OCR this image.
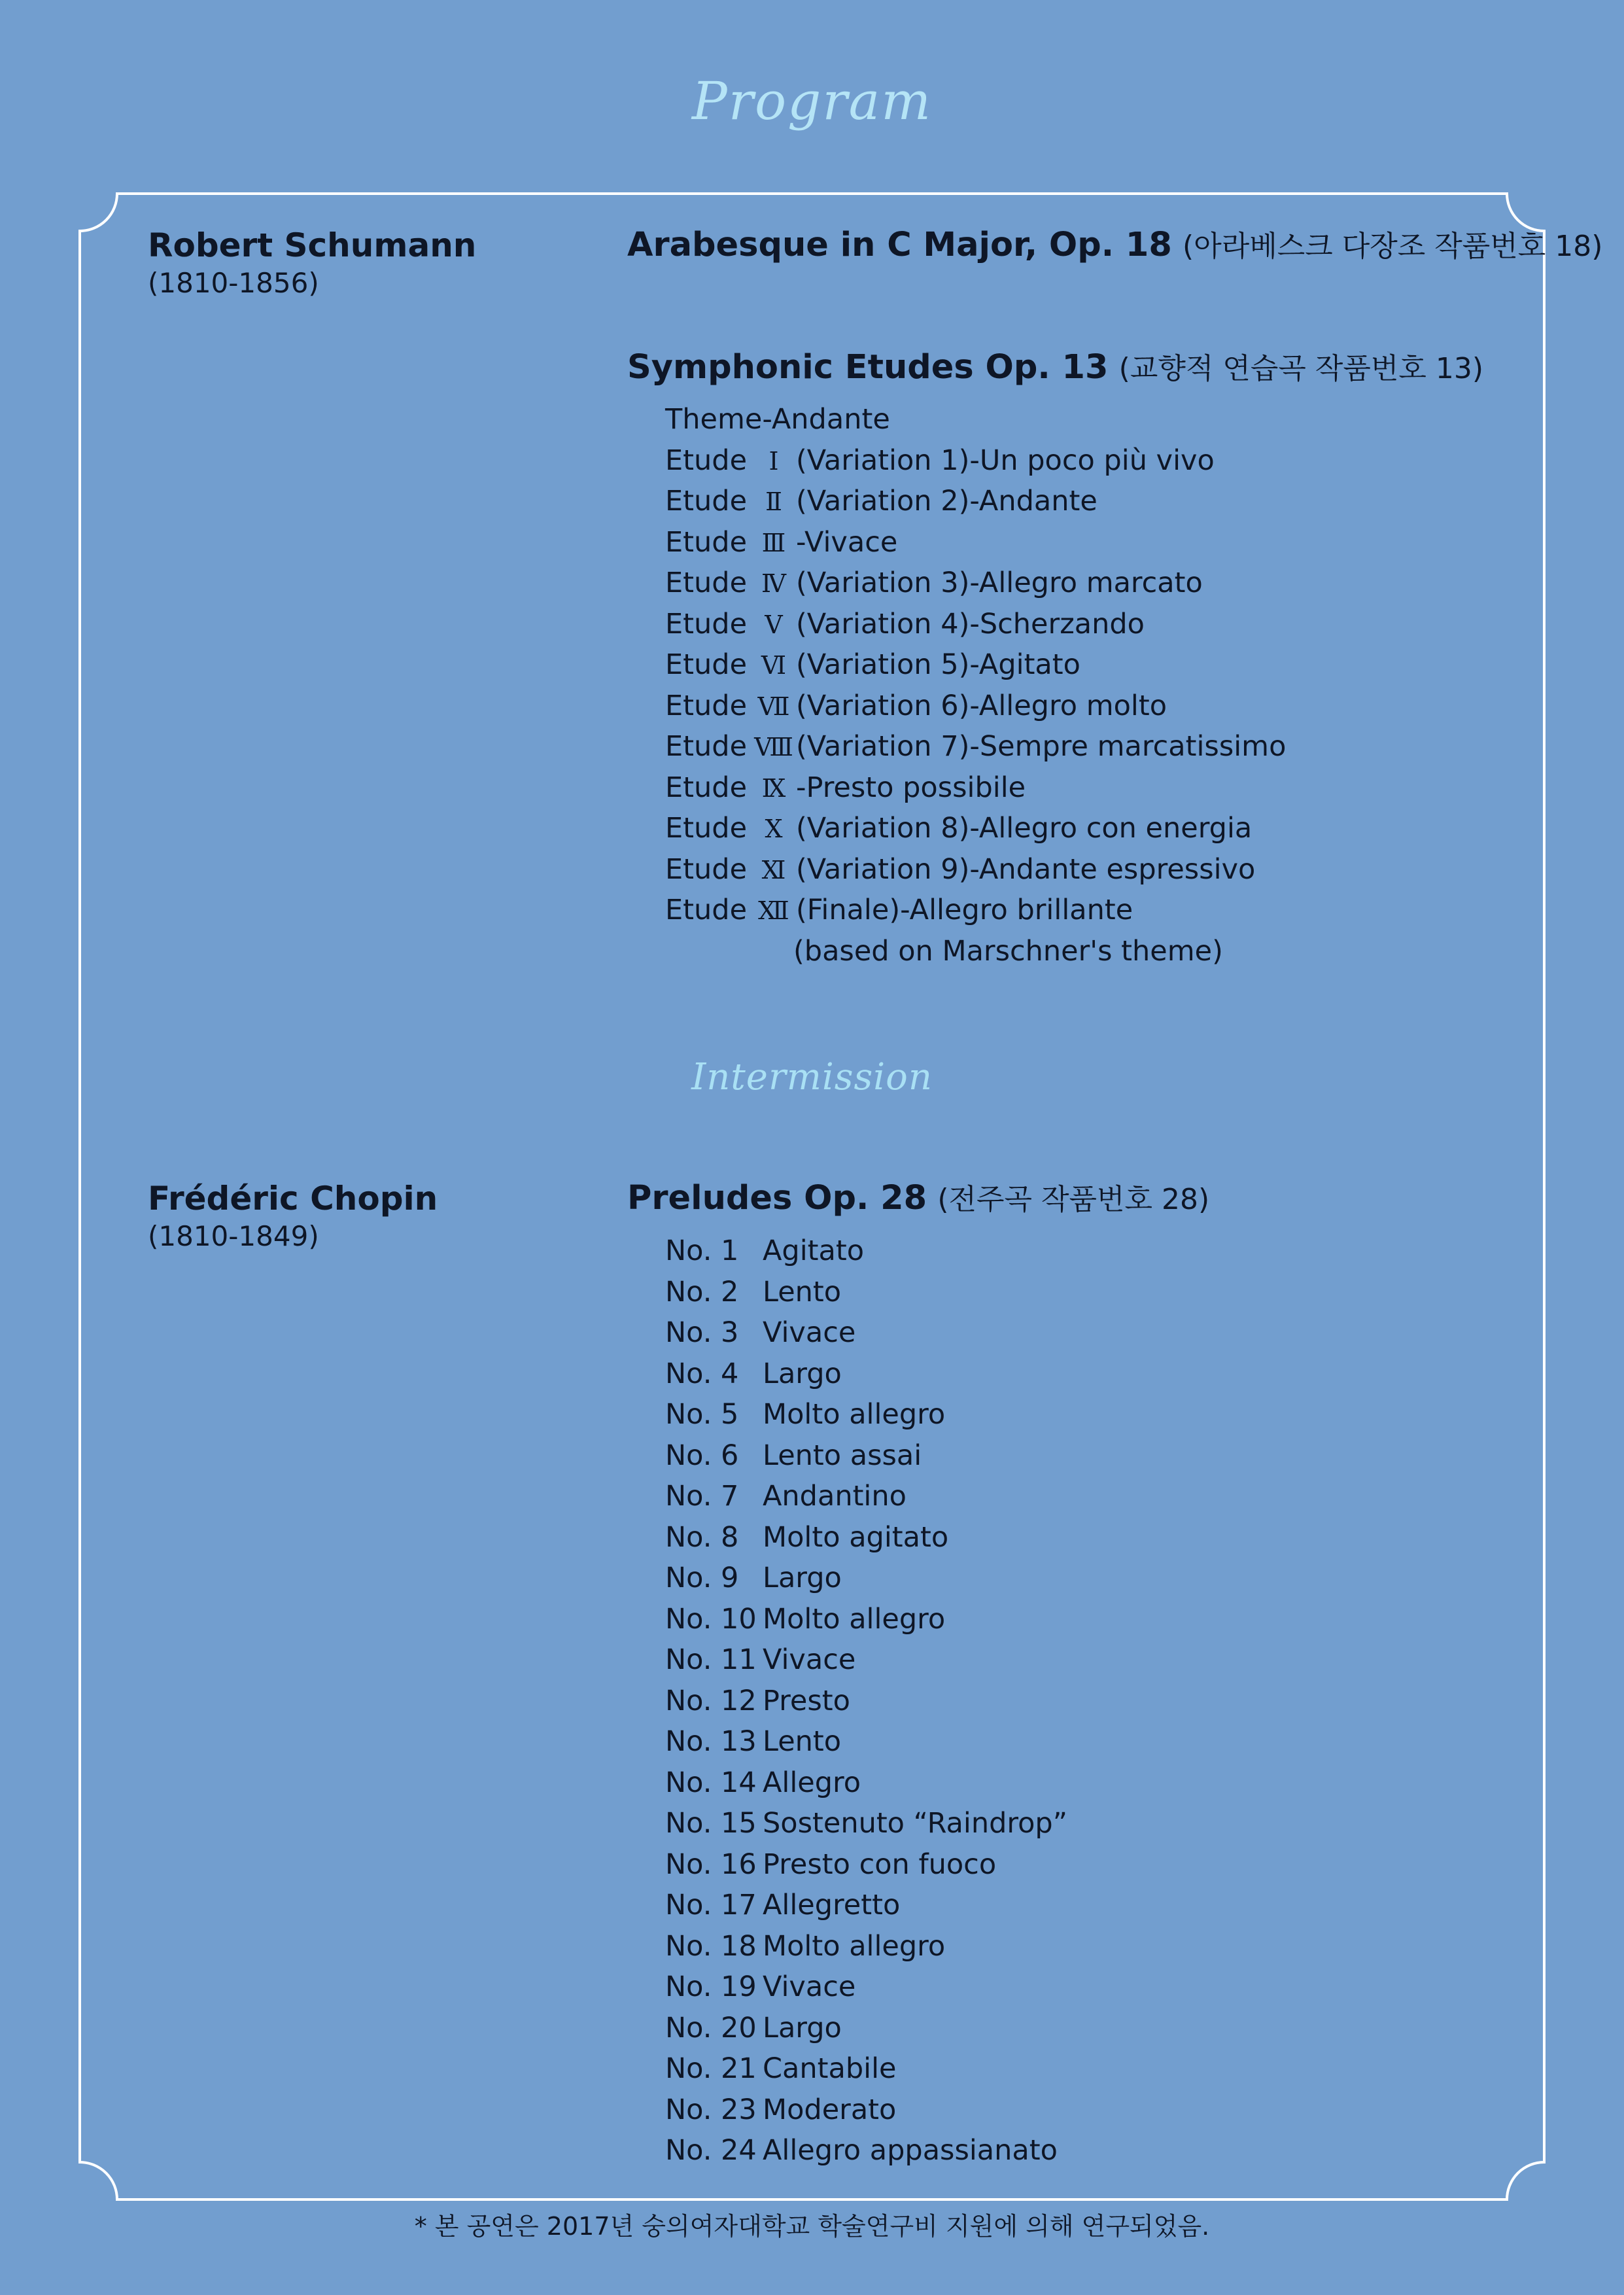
Program
Robert Schumann
(1810-1856)
Arabesque in C Major, Op. 18 (아라베스크 다장조 작품번호 18)
Symphonic Etudes Op. 13 (교향적 연습곡 작품번호 13)
Theme-Andante
Etude Ⅰ (Variation 1)-Un poco più vivo
Etude Ⅱ (Variation 2)-Andante
Etude Ⅲ -Vivace
Etude Ⅳ (Variation 3)-Allegro marcato
Etude Ⅴ (Variation 4)-Scherzando
Etude Ⅵ (Variation 5)-Agitato
Etude Ⅶ (Variation 6)-Allegro molto
Etude Ⅷ(Variation 7)-Sempre marcatissimo
Etude Ⅸ -Presto possibile
Etude Ⅹ (Variation 8)-Allegro con energia
Etude Ⅺ (Variation 9)-Andante espressivo
Etude Ⅻ (Finale)-Allegro brillante
(based on Marschner's theme)
Intermission
Frédéric Chopin
(1810-1849)
Preludes Op. 28 (전주곡 작품번호 28)
No. 1 Agitato
No. 2 Lento
No. 3 Vivace
No. 4 Largo
No. 5 Molto allegro
No. 6 Lento assai
No. 7 Andantino
No. 8 Molto agitato
No. 9 Largo
No. 10 Molto allegro
No. 11 Vivace
No. 12 Presto
No. 13 Lento
No. 14 Allegro
No. 15 Sostenuto “Raindrop”
No. 16 Presto con fuoco
No. 17 Allegretto
No. 18 Molto allegro
No. 19 Vivace
No. 20 Largo
No. 21 Cantabile
No. 23 Moderato
No. 24 Allegro appassianato
* 본 공연은 2017년 숭의여자대학교 학술연구비 지원에 의해 연구되었음.
